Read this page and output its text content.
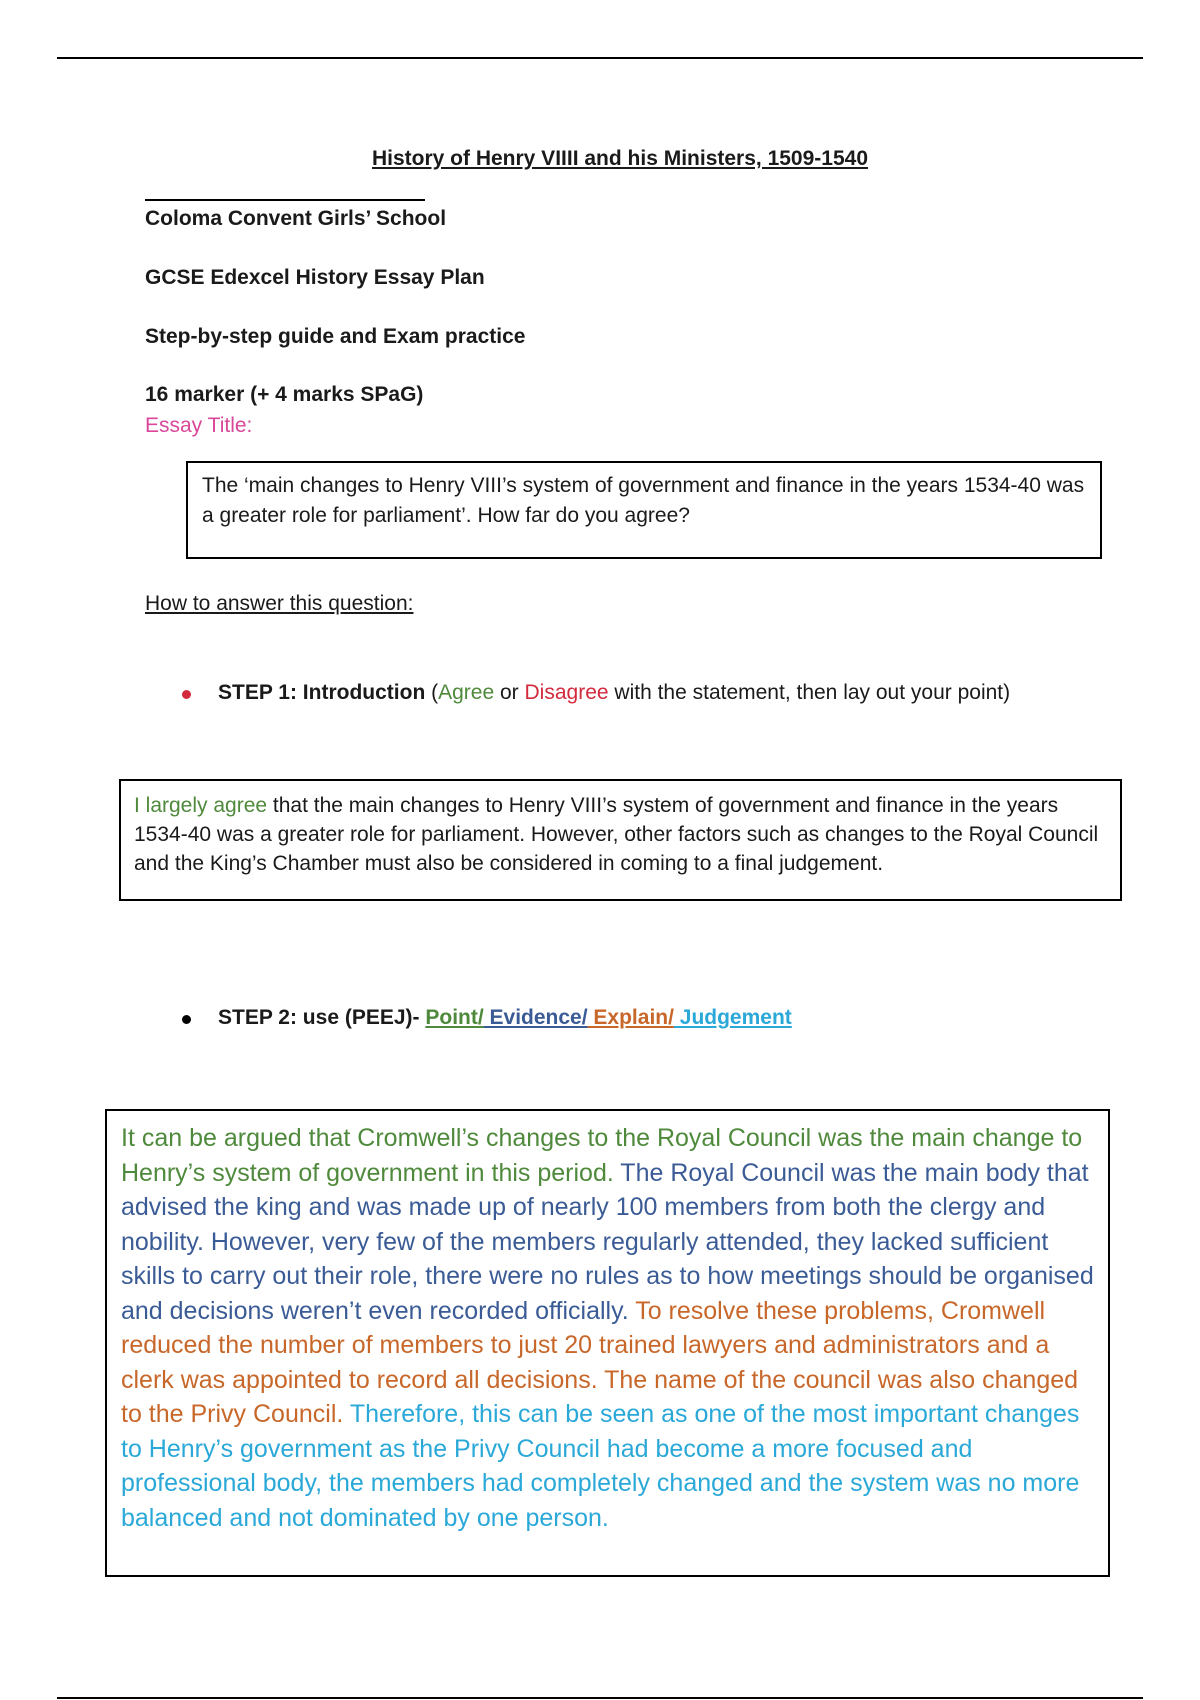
History of Henry VIIII and his Ministers, 1509-1540
Coloma Convent Girls’ School
GCSE Edexcel History Essay Plan
Step-by-step guide and Exam practice
16 marker (+ 4 marks SPaG)
Essay Title:
The ‘main changes to Henry VIII’s system of government and finance in the years 1534-40 was a greater role for parliament’. How far do you agree?
How to answer this question:
STEP 1: Introduction (Agree or Disagree with the statement, then lay out your point)
I largely agree that the main changes to Henry VIII’s system of government and finance in the years 1534-40 was a greater role for parliament. However, other factors such as changes to the Royal Council and the King’s Chamber must also be considered in coming to a final judgement.
STEP 2: use (PEEJ)- Point/ Evidence/ Explain/ Judgement
It can be argued that Cromwell’s changes to the Royal Council was the main change to Henry’s system of government in this period. The Royal Council was the main body that advised the king and was made up of nearly 100 members from both the clergy and nobility. However, very few of the members regularly attended, they lacked sufficient skills to carry out their role, there were no rules as to how meetings should be organised and decisions weren’t even recorded officially. To resolve these problems, Cromwell reduced the number of members to just 20 trained lawyers and administrators and a clerk was appointed to record all decisions. The name of the council was also changed to the Privy Council. Therefore, this can be seen as one of the most important changes to Henry’s government as the Privy Council had become a more focused and professional body, the members had completely changed and the system was no more balanced and not dominated by one person.
